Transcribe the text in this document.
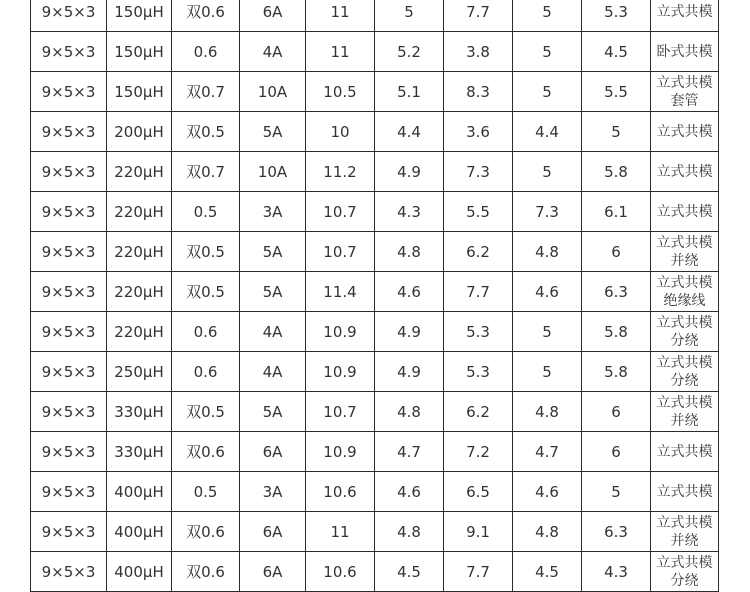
9×5×3	150μH	双0.6	6A	11	5	7.7	5	5.3	立式共模

9×5×3	150μH	0.6	4A	11	5.2	3.8	5	4.5	卧式共模

9×5×3	150μH	双0.7	10A	10.5	5.1	8.3	5	5.5	立式共模
套管

9×5×3	200μH	双0.5	5A	10	4.4	3.6	4.4	5	立式共模

9×5×3	220μH	双0.7	10A	11.2	4.9	7.3	5	5.8	立式共模

9×5×3	220μH	0.5	3A	10.7	4.3	5.5	7.3	6.1	立式共模

9×5×3	220μH	双0.5	5A	10.7	4.8	6.2	4.8	6	立式共模
并绕

9×5×3	220μH	双0.5	5A	11.4	4.6	7.7	4.6	6.3	立式共模
绝缘线

9×5×3	220μH	0.6	4A	10.9	4.9	5.3	5	5.8	立式共模
分绕

9×5×3	250μH	0.6	4A	10.9	4.9	5.3	5	5.8	立式共模
分绕

9×5×3	330μH	双0.5	5A	10.7	4.8	6.2	4.8	6	立式共模
并绕

9×5×3	330μH	双0.6	6A	10.9	4.7	7.2	4.7	6	立式共模

9×5×3	400μH	0.5	3A	10.6	4.6	6.5	4.6	5	立式共模

9×5×3	400μH	双0.6	6A	11	4.8	9.1	4.8	6.3	立式共模
并绕

9×5×3	400μH	双0.6	6A	10.6	4.5	7.7	4.5	4.3	立式共模
分绕
